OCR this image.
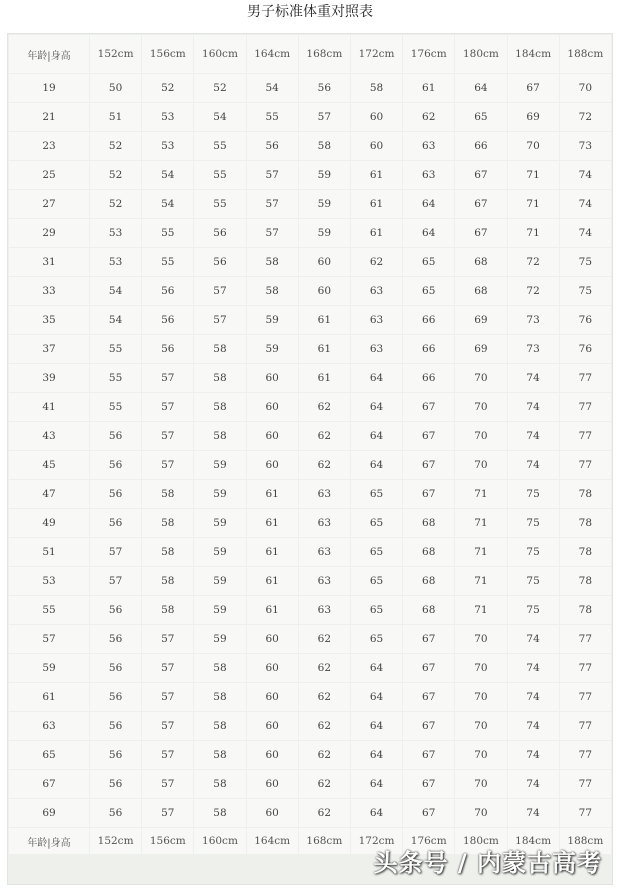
男子标准体重对照表
年龄|身高	152cm	156cm	160cm	164cm	168cm	172cm	176cm	180cm	184cm	188cm
19	50	52	52	54	56	58	61	64	67	70
21	51	53	54	55	57	60	62	65	69	72
23	52	53	55	56	58	60	63	66	70	73
25	52	54	55	57	59	61	63	67	71	74
27	52	54	55	57	59	61	64	67	71	74
29	53	55	56	57	59	61	64	67	71	74
31	53	55	56	58	60	62	65	68	72	75
33	54	56	57	58	60	63	65	68	72	75
35	54	56	57	59	61	63	66	69	73	76
37	55	56	58	59	61	63	66	69	73	76
39	55	57	58	60	61	64	66	70	74	77
41	55	57	58	60	62	64	67	70	74	77
43	56	57	58	60	62	64	67	70	74	77
45	56	57	59	60	62	64	67	70	74	77
47	56	58	59	61	63	65	67	71	75	78
49	56	58	59	61	63	65	68	71	75	78
51	57	58	59	61	63	65	68	71	75	78
53	57	58	59	61	63	65	68	71	75	78
55	56	58	59	61	63	65	68	71	75	78
57	56	57	59	60	62	65	67	70	74	77
59	56	57	58	60	62	64	67	70	74	77
61	56	57	58	60	62	64	67	70	74	77
63	56	57	58	60	62	64	67	70	74	77
65	56	57	58	60	62	64	67	70	74	77
67	56	57	58	60	62	64	67	70	74	77
69	56	57	58	60	62	64	67	70	74	77
年龄|身高	152cm	156cm	160cm	164cm	168cm	172cm	176cm	180cm	184cm	188cm
头条号 / 内蒙古高考
